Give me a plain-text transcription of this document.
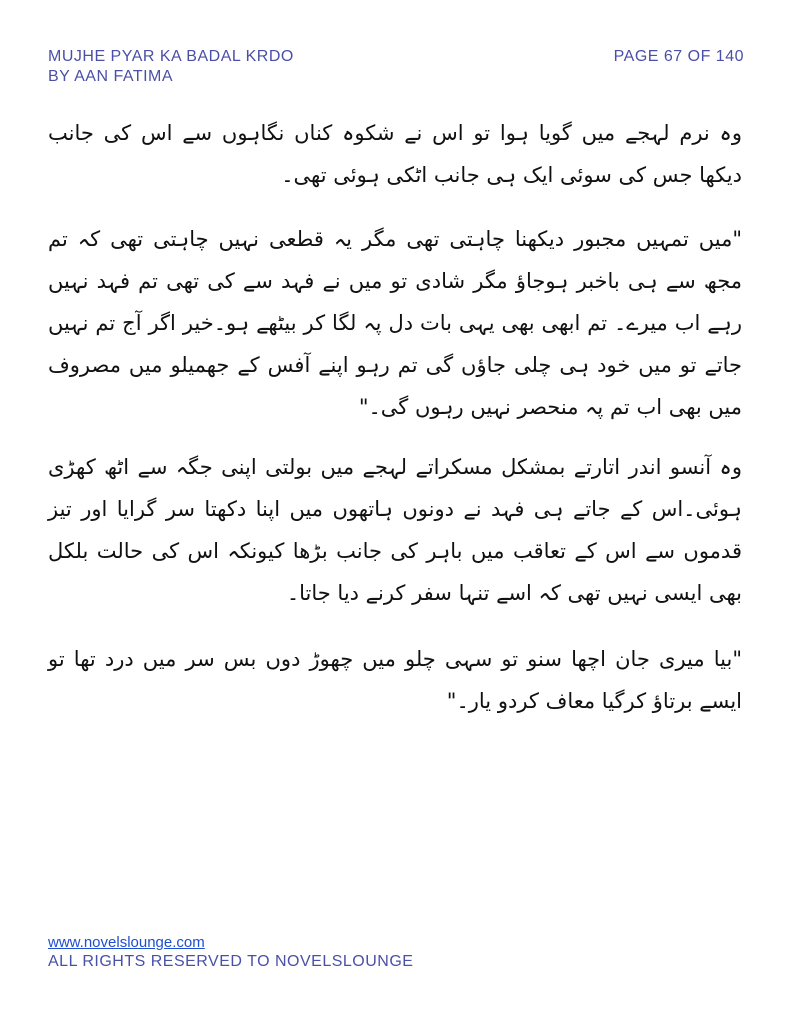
MUJHE PYAR KA BADAL KRDO
BY AAN FATIMA
PAGE 67 OF 140

وہ نرم لہجے میں گویا ہوا تو اس نے شکوہ کناں نگاہوں سے اس کی جانب دیکھا جس کی سوئی ایک ہی جانب اٹکی ہوئی تھی۔

"میں تمہیں مجبور دیکھنا چاہتی تھی مگر یہ قطعی نہیں چاہتی تھی کہ تم مجھ سے ہی باخبر ہوجاؤ مگر شادی تو میں نے فہد سے کی تھی تم فہد نہیں رہے اب میرے۔ تم ابھی بھی یہی بات دل پہ لگا کر بیٹھے ہو۔خیر اگر آج تم نہیں جاتے تو میں خود ہی چلی جاؤں گی تم رہو اپنے آفس کے جھمیلو میں مصروف میں بھی اب تم پہ منحصر نہیں رہوں گی۔"

وہ آنسو اندر اتارتے بمشکل مسکراتے لہجے میں بولتی اپنی جگہ سے اٹھ کھڑی ہوئی۔اس کے جاتے ہی فہد نے دونوں ہاتھوں میں اپنا دکھتا سر گرایا اور تیز قدموں سے اس کے تعاقب میں باہر کی جانب بڑھا کیونکہ اس کی حالت بلکل بھی ایسی نہیں تھی کہ اسے تنہا سفر کرنے دیا جاتا۔

"بیا میری جان اچھا سنو تو سہی چلو میں چھوڑ دوں بس سر میں درد تھا تو ایسے برتاؤ کرگیا معاف کردو یار۔"

www.novelslounge.com
ALL RIGHTS RESERVED TO NOVELSLOUNGE
